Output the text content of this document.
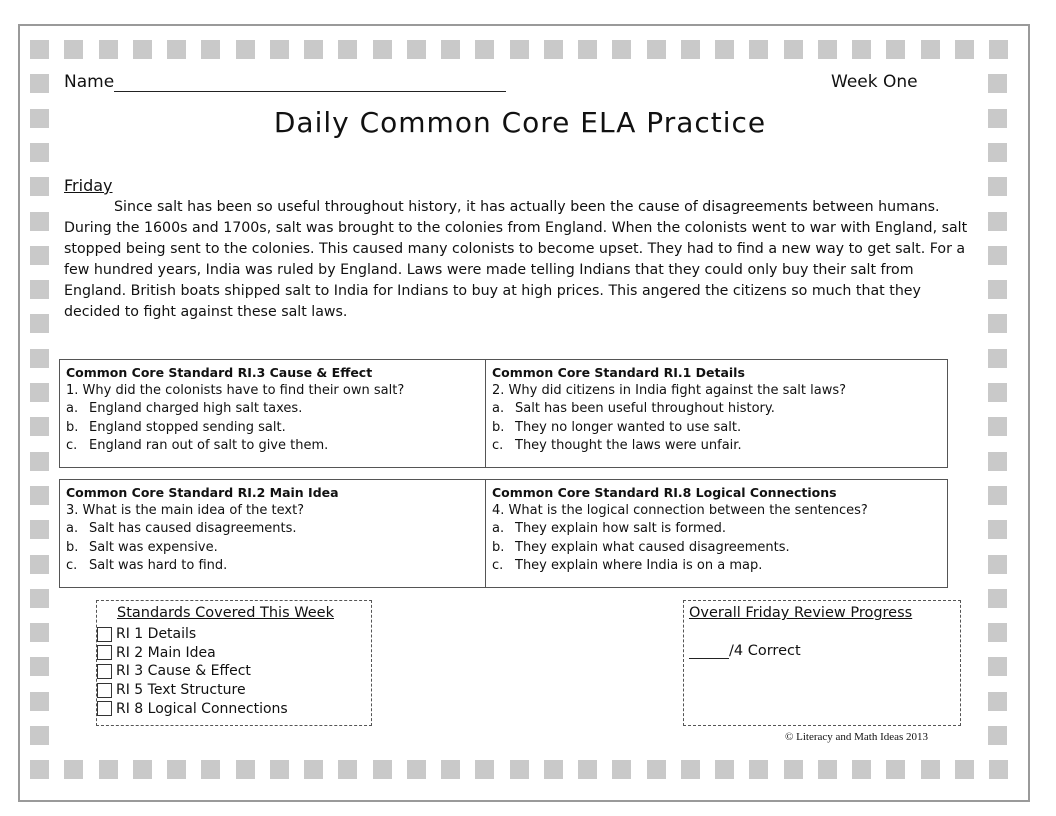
Name	Week One
Daily Common Core ELA Practice
Friday

Since salt has been so useful throughout history, it has actually been the cause of disagreements between humans. During the 1600s and 1700s, salt was brought to the colonies from England. When the colonists went to war with England, salt stopped being sent to the colonies. This caused many colonists to become upset. They had to find a new way to get salt. For a few hundred years, India was ruled by England. Laws were made telling Indians that they could only buy their salt from England. British boats shipped salt to India for Indians to buy at high prices. This angered the citizens so much that they decided to fight against these salt laws.

Common Core Standard RI.3 Cause & Effect
1. Why did the colonists have to find their own salt?
a. England charged high salt taxes.
b. England stopped sending salt.
c. England ran out of salt to give them.
Common Core Standard RI.1 Details
2. Why did citizens in India fight against the salt laws?
a. Salt has been useful throughout history.
b. They no longer wanted to use salt.
c. They thought the laws were unfair.
Common Core Standard RI.2 Main Idea
3. What is the main idea of the text?
a. Salt has caused disagreements.
b. Salt was expensive.
c. Salt was hard to find.
Common Core Standard RI.8 Logical Connections
4. What is the logical connection between the sentences?
a. They explain how salt is formed.
b. They explain what caused disagreements.
c. They explain where India is on a map.
Standards Covered This Week
RI 1 Details
RI 2 Main Idea
RI 3 Cause & Effect
RI 5 Text Structure
RI 8 Logical Connections
Overall Friday Review Progress
/4 Correct
© Literacy and Math Ideas 2013
